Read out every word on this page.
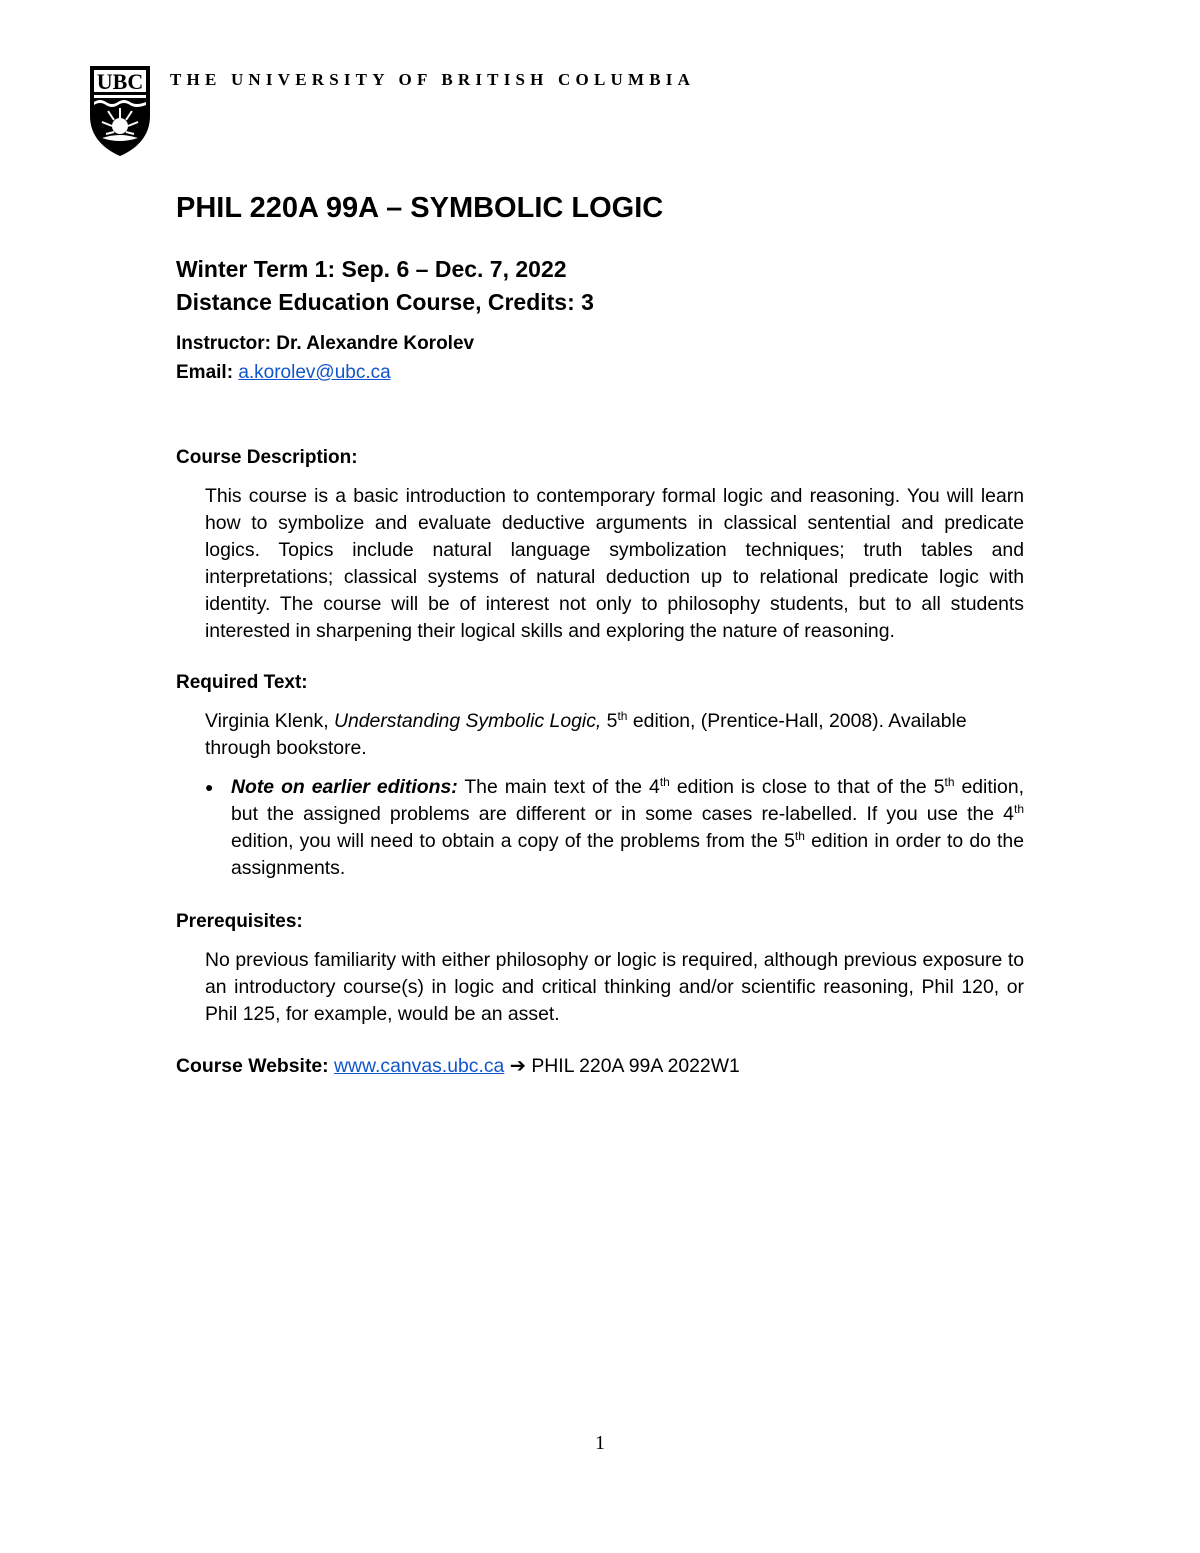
UBC THE UNIVERSITY OF BRITISH COLUMBIA
PHIL 220A 99A – SYMBOLIC LOGIC

Winter Term 1: Sep. 6 – Dec. 7, 2022

Distance Education Course, Credits: 3

Instructor: Dr. Alexandre Korolev

Email: a.korolev@ubc.ca

Course Description:

This course is a basic introduction to contemporary formal logic and reasoning. You will learn how to symbolize and evaluate deductive arguments in classical sentential and predicate logics. Topics include natural language symbolization techniques; truth tables and interpretations; classical systems of natural deduction up to relational predicate logic with identity. The course will be of interest not only to philosophy students, but to all students interested in sharpening their logical skills and exploring the nature of reasoning.

Required Text:

Virginia Klenk, Understanding Symbolic Logic, 5th edition, (Prentice-Hall, 2008). Available through bookstore.

● Note on earlier editions: The main text of the 4th edition is close to that of the 5th edition, but the assigned problems are different or in some cases re-labelled. If you use the 4th edition, you will need to obtain a copy of the problems from the 5th edition in order to do the assignments.

Prerequisites:

No previous familiarity with either philosophy or logic is required, although previous exposure to an introductory course(s) in logic and critical thinking and/or scientific reasoning, Phil 120, or Phil 125, for example, would be an asset.

Course Website: www.canvas.ubc.ca ➔ PHIL 220A 99A 2022W1

1
